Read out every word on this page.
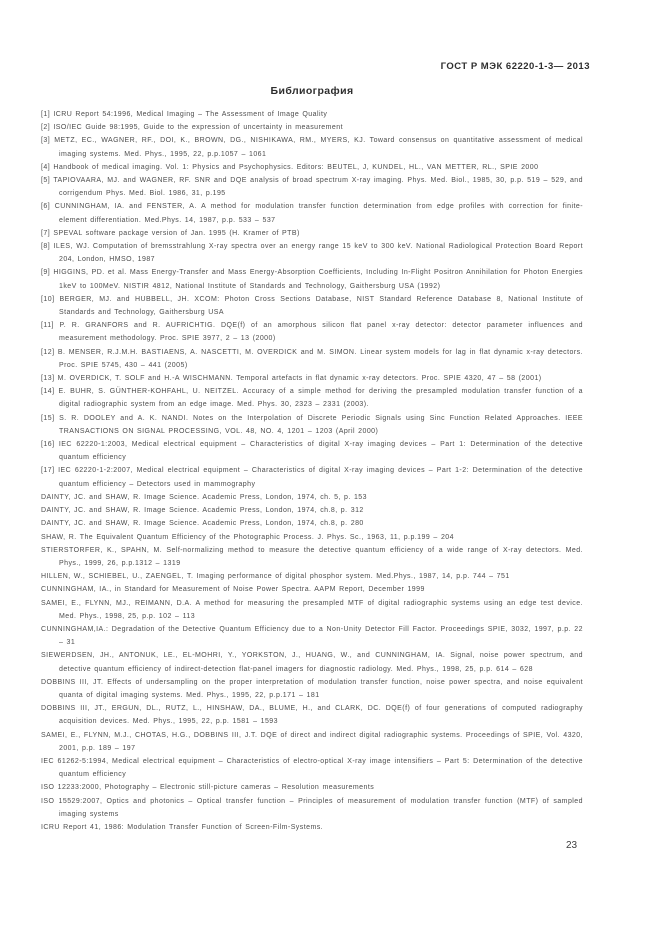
ГОСТ Р МЭК 62220-1-3— 2013
Библиография

[1] ICRU Report 54:1996, Medical Imaging – The Assessment of Image Quality

[2] ISO/IEC Guide 98:1995, Guide to the expression of uncertainty in measurement

[3] METZ, EC., WAGNER, RF., DOI, K., BROWN, DG., NISHIKAWA, RM., MYERS, KJ. Toward consensus on quantitative assessment of medical imaging systems. Med. Phys., 1995, 22, p.p.1057 – 1061

[4] Handbook of medical imaging. Vol. 1: Physics and Psychophysics. Editors: BEUTEL, J, KUNDEL, HL., VAN METTER, RL., SPIE 2000

[5] TAPIOVAARA, MJ. and WAGNER, RF. SNR and DQE analysis of broad spectrum X-ray imaging. Phys. Med. Biol., 1985, 30, p.p. 519 – 529, and corrigendum Phys. Med. Biol. 1986, 31, p.195

[6] CUNNINGHAM, IA. and FENSTER, A. A method for modulation transfer function determination from edge profiles with correction for finite-element differentiation. Med.Phys. 14, 1987, p.p. 533 – 537

[7] SPEVAL software package version of Jan. 1995 (H. Kramer of PTB)

[8] ILES, WJ. Computation of bremsstrahlung X-ray spectra over an energy range 15 keV to 300 keV. National Radiological Protection Board Report 204, London, HMSO, 1987

[9] HIGGINS, PD. et al. Mass Energy-Transfer and Mass Energy-Absorption Coefficients, Including In-Flight Positron Annihilation for Photon Energies 1keV to 100MeV. NISTIR 4812, National Institute of Standards and Technology, Gaithersburg USA (1992)

[10] BERGER, MJ. and HUBBELL, JH. XCOM: Photon Cross Sections Database, NIST Standard Reference Database 8, National Institute of Standards and Technology, Gaithersburg USA

[11] P. R. GRANFORS and R. AUFRICHTIG. DQE(f) of an amorphous silicon flat panel x-ray detector: detector parameter influences and measurement methodology. Proc. SPIE 3977, 2 – 13 (2000)

[12] B. MENSER, R.J.M.H. BASTIAENS, A. NASCETTI, M. OVERDICK and M. SIMON. Linear system models for lag in flat dynamic x-ray detectors. Proc. SPIE 5745, 430 – 441 (2005)

[13] M. OVERDICK, T. SOLF and H.-A WISCHMANN. Temporal artefacts in flat dynamic x-ray detectors. Proc. SPIE 4320, 47 – 58 (2001)

[14] E. BUHR, S. GÜNTHER-KOHFAHL, U. NEITZEL. Accuracy of a simple method for deriving the presampled modulation transfer function of a digital radiographic system from an edge image. Med. Phys. 30, 2323 – 2331 (2003).

[15] S. R. DOOLEY and A. K. NANDI. Notes on the Interpolation of Discrete Periodic Signals using Sinc Function Related Approaches. IEEE TRANSACTIONS ON SIGNAL PROCESSING, VOL. 48, NO. 4, 1201 – 1203 (April 2000)

[16] IEC 62220-1:2003, Medical electrical equipment – Characteristics of digital X-ray imaging devices – Part 1: Determination of the detective quantum efficiency

[17] IEC 62220-1-2:2007, Medical electrical equipment – Characteristics of digital X-ray imaging devices – Part 1-2: Determination of the detective quantum efficiency – Detectors used in mammography

DAINTY, JC. and SHAW, R. Image Science. Academic Press, London, 1974, ch. 5, p. 153

DAINTY, JC. and SHAW, R. Image Science. Academic Press, London, 1974, ch.8, p. 312

DAINTY, JC. and SHAW, R. Image Science. Academic Press, London, 1974, ch.8, p. 280

SHAW, R. The Equivalent Quantum Efficiency of the Photographic Process. J. Phys. Sc., 1963, 11, p.p.199 – 204

STIERSTORFER, K., SPAHN, M. Self-normalizing method to measure the detective quantum efficiency of a wide range of X-ray detectors. Med. Phys., 1999, 26, p.p.1312 – 1319

HILLEN, W., SCHIEBEL, U., ZAENGEL, T. Imaging performance of digital phosphor system. Med.Phys., 1987, 14, p.p. 744 – 751

CUNNINGHAM, IA., in Standard for Measurement of Noise Power Spectra. AAPM Report, December 1999

SAMEI, E., FLYNN, MJ., REIMANN, D.A. A method for measuring the presampled MTF of digital radiographic systems using an edge test device. Med. Phys., 1998, 25, p.p. 102 – 113

CUNNINGHAM,IA.: Degradation of the Detective Quantum Efficiency due to a Non-Unity Detector Fill Factor. Proceedings SPIE, 3032, 1997, p.p. 22 – 31

SIEWERDSEN, JH., ANTONUK, LE., EL-MOHRI, Y., YORKSTON, J., HUANG, W., and CUNNINGHAM, IA. Signal, noise power spectrum, and detective quantum efficiency of indirect-detection flat-panel imagers for diagnostic radiology. Med. Phys., 1998, 25, p.p. 614 – 628

DOBBINS III, JT. Effects of undersampling on the proper interpretation of modulation transfer function, noise power spectra, and noise equivalent quanta of digital imaging systems. Med. Phys., 1995, 22, p.p.171 – 181

DOBBINS III, JT., ERGUN, DL., RUTZ, L., HINSHAW, DA., BLUME, H., and CLARK, DC. DQE(f) of four generations of computed radiography acquisition devices. Med. Phys., 1995, 22, p.p. 1581 – 1593

SAMEI, E., FLYNN, M.J., CHOTAS, H.G., DOBBINS III, J.T. DQE of direct and indirect digital radiographic systems. Proceedings of SPIE, Vol. 4320, 2001, p.p. 189 – 197

IEC 61262-5:1994, Medical electrical equipment – Characteristics of electro-optical X-ray image intensifiers – Part 5: Determination of the detective quantum efficiency

ISO 12233:2000, Photography – Electronic still-picture cameras – Resolution measurements

ISO 15529:2007, Optics and photonics – Optical transfer function – Principles of measurement of modulation transfer function (MTF) of sampled imaging systems

ICRU Report 41, 1986: Modulation Transfer Function of Screen-Film-Systems.

23
